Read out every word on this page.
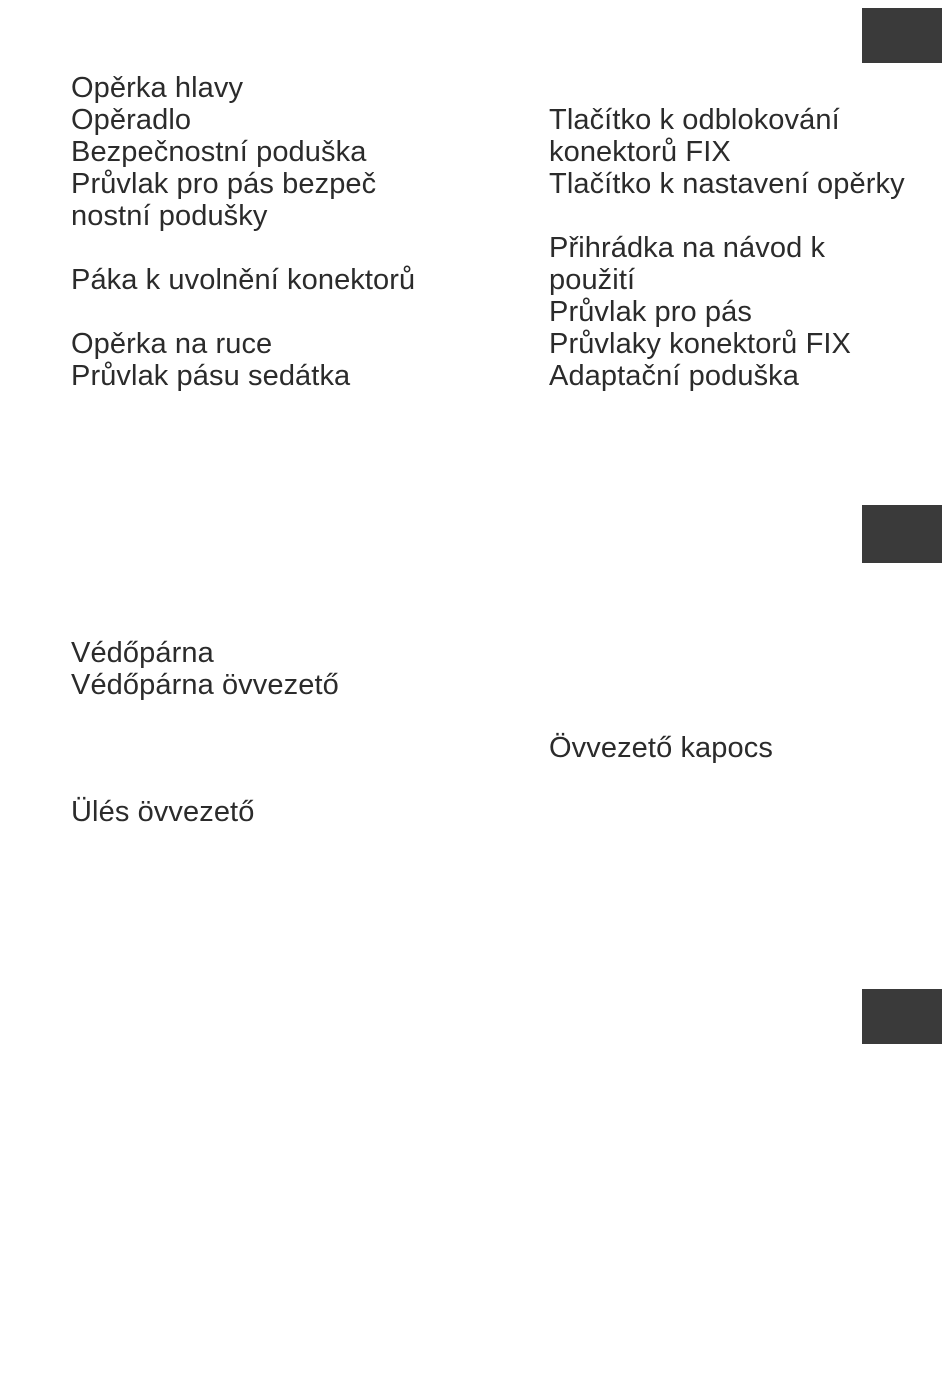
Opěrka hlavy
Opěradlo
Bezpečnostní poduška
Průvlak pro pás bezpeč
nostní podušky
Páka k uvolnění konektorů
Opěrka na ruce
Průvlak pásu sedátka
Tlačítko k odblokování
konektorů FIX
Tlačítko k nastavení opěrky
Přihrádka na návod k
použití
Průvlak pro pás
Průvlaky konektorů FIX
Adaptační poduška
Védőpárna
Védőpárna övvezető
Ülés övvezető
Övvezető kapocs
